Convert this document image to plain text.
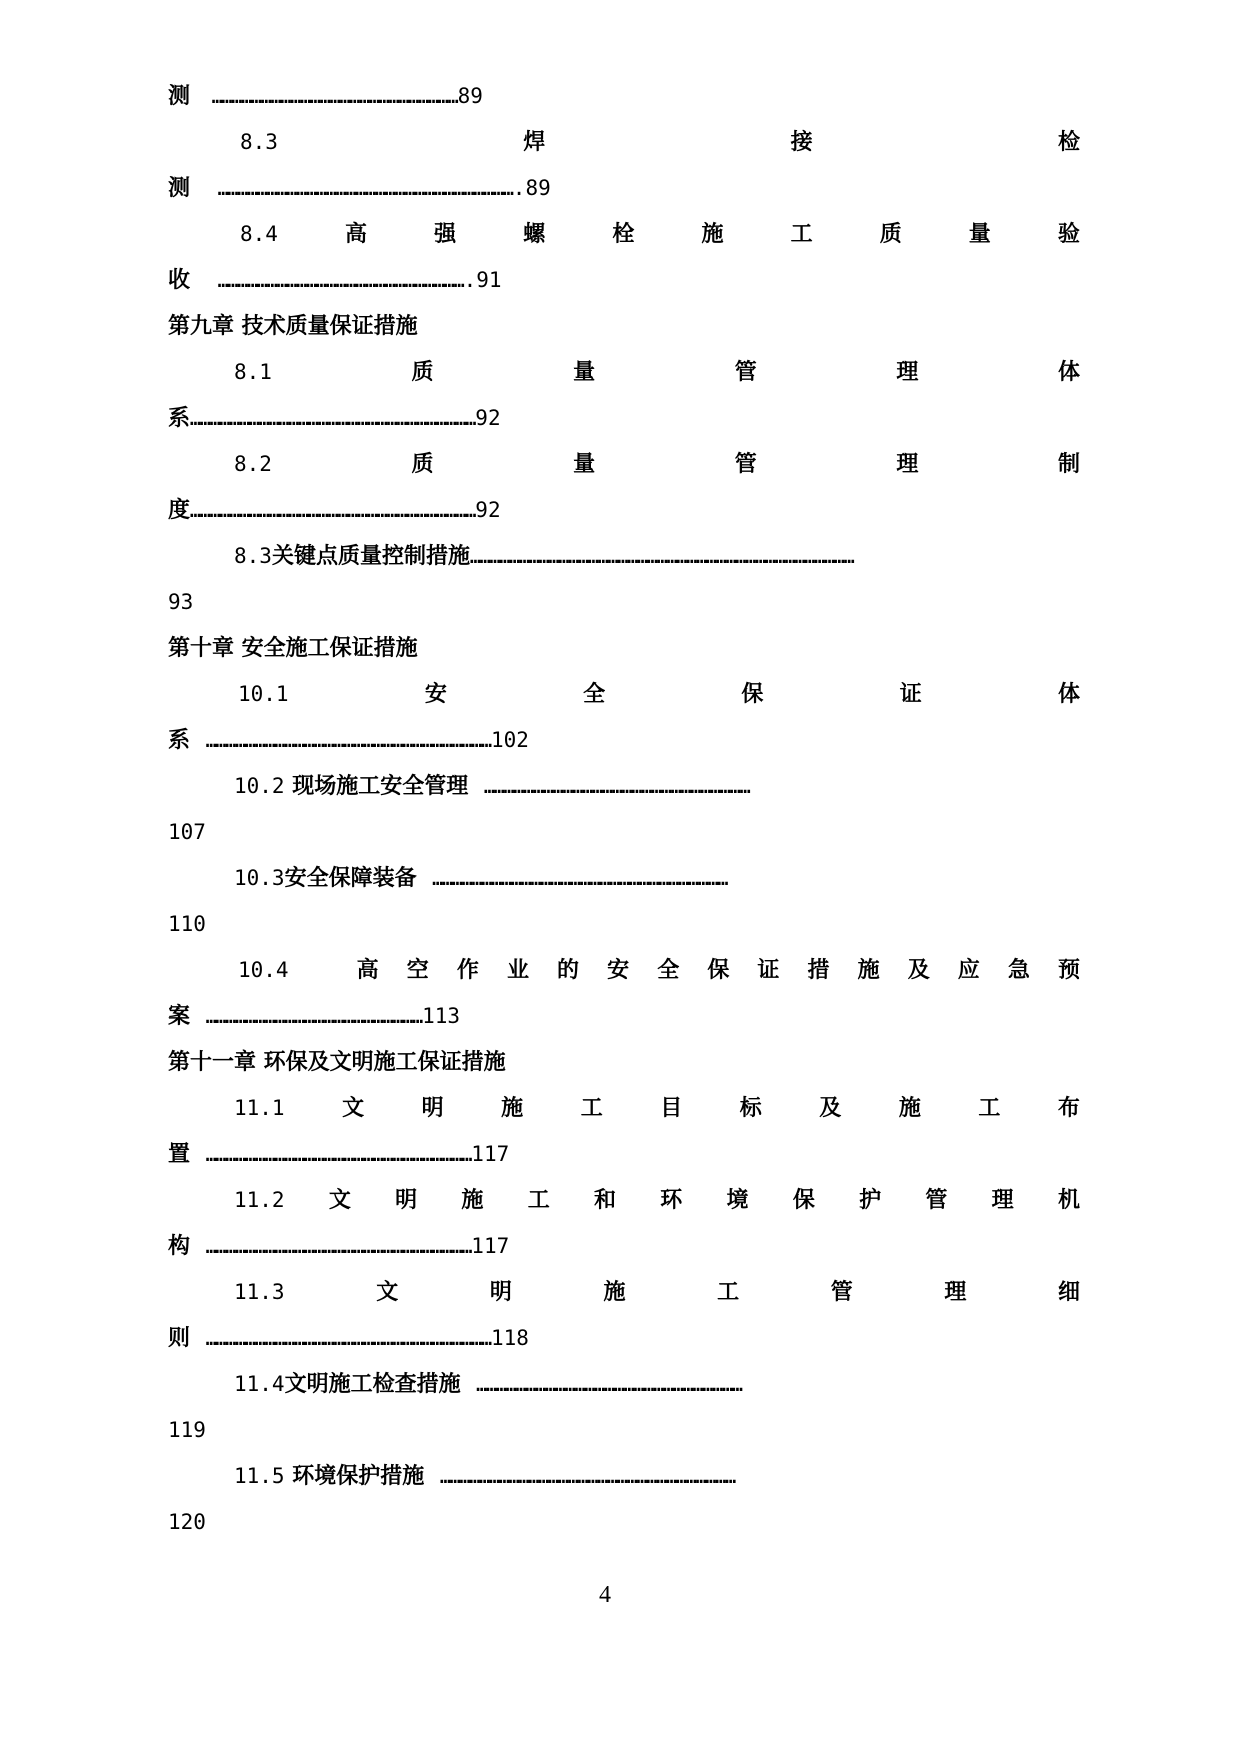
测 …………………………………………………………………89
8.3	焊	接	检
测 ……………………………………………………………………………….89
8.4	高	强	螺	栓	施	工	质	量	验
收 ………………………………………………………………….91
第九章 技术质量保证措施
8.1	质	量	管	理	体
系……………………………………………………………………………92
8.2	质	量	管	理	制
度……………………………………………………………………………92
8.3关键点质量控制措施………………………………………………………………………………………………………
93
第十章 安全施工保证措施
10.1	安	全	保	证	体
系 ……………………………………………………………………………102
10.2 现场施工安全管理 ………………………………………………………………………
107
10.3安全保障装备 ………………………………………………………………………………
110
10.4	高 空 作 业 的 安 全 保 证 措 施 及 应 急 预
案 …………………………………………………………113
第十一章 环保及文明施工保证措施
11.1	文	明	施	工	目	标	及	施	工	布
置 ………………………………………………………………………117
11.2 文 明 施 工 和 环 境 保 护 管 理 机
构 ………………………………………………………………………117
11.3	文	明	施	工	管	理	细
则 ……………………………………………………………………………118
11.4文明施工检查措施 ………………………………………………………………………
119
11.5 环境保护措施 ………………………………………………………………………………
120
4
